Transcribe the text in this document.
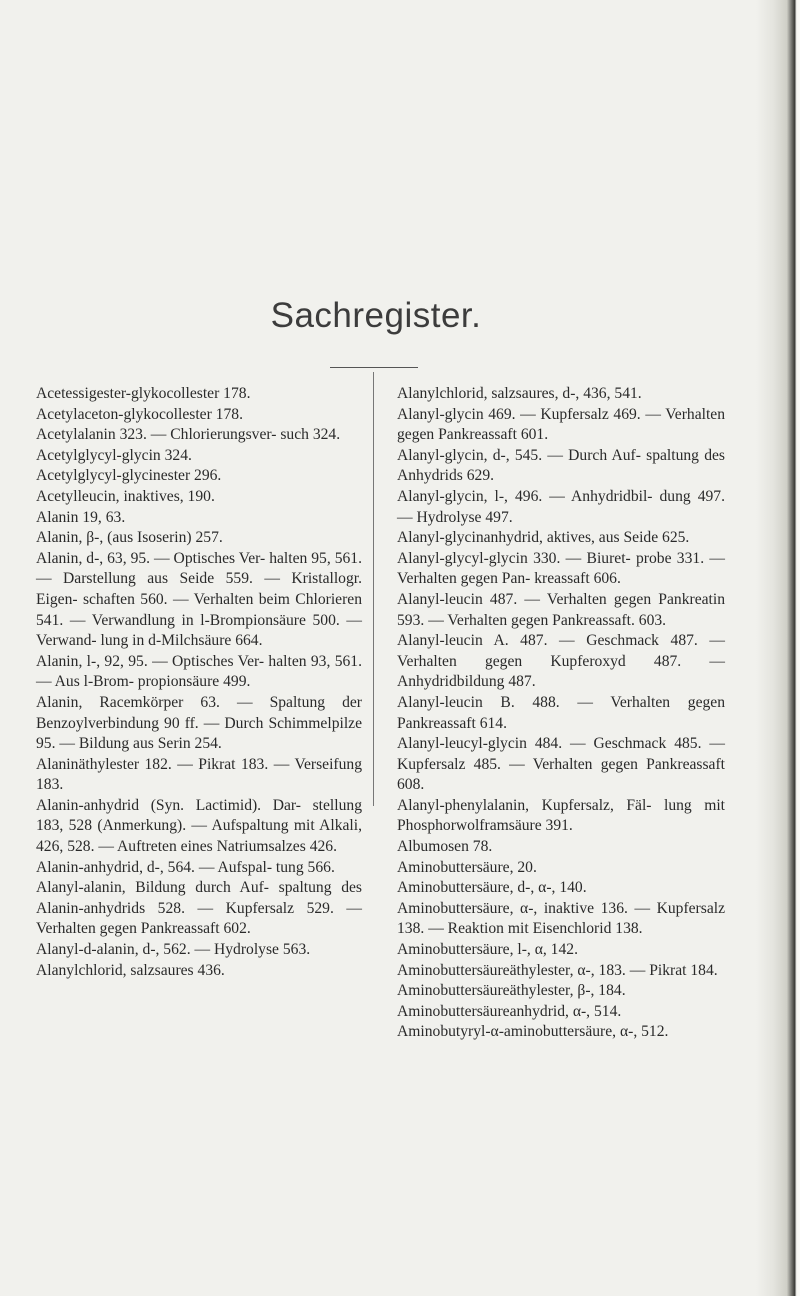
Sachregister.

Acetessigester-glykocollester 178.

Acetylaceton-glykocollester 178.

Acetylalanin 323. — Chlorierungsver- such 324.

Acetylglycyl-glycin 324.

Acetylglycyl-glycinester 296.

Acetylleucin, inaktives, 190.

Alanin 19, 63.

Alanin, β-, (aus Isoserin) 257.

Alanin, d-, 63, 95. — Optisches Ver- halten 95, 561. — Darstellung aus Seide 559. — Kristallogr. Eigen- schaften 560. — Verhalten beim Chlorieren 541. — Verwandlung in l-Brompionsäure 500. — Verwand- lung in d-Milchsäure 664.

Alanin, l-, 92, 95. — Optisches Ver- halten 93, 561. — Aus l-Brom- propionsäure 499.

Alanin, Racemkörper 63. — Spaltung der Benzoylverbindung 90 ff. — Durch Schimmelpilze 95. — Bildung aus Serin 254.

Alaninäthylester 182. — Pikrat 183. — Verseifung 183.

Alanin-anhydrid (Syn. Lactimid). Dar- stellung 183, 528 (Anmerkung). — Aufspaltung mit Alkali, 426, 528. — Auftreten eines Natriumsalzes 426.

Alanin-anhydrid, d-, 564. — Aufspal- tung 566.

Alanyl-alanin, Bildung durch Auf- spaltung des Alanin-anhydrids 528. — Kupfersalz 529. — Verhalten gegen Pankreassaft 602.

Alanyl-d-alanin, d-, 562. — Hydrolyse 563.

Alanylchlorid, salzsaures 436.

Alanylchlorid, salzsaures, d-, 436, 541.

Alanyl-glycin 469. — Kupfersalz 469. — Verhalten gegen Pankreassaft 601.

Alanyl-glycin, d-, 545. — Durch Auf- spaltung des Anhydrids 629.

Alanyl-glycin, l-, 496. — Anhydridbil- dung 497. — Hydrolyse 497.

Alanyl-glycinanhydrid, aktives, aus Seide 625.

Alanyl-glycyl-glycin 330. — Biuret- probe 331. — Verhalten gegen Pan- kreassaft 606.

Alanyl-leucin 487. — Verhalten gegen Pankreatin 593. — Verhalten gegen Pankreassaft. 603.

Alanyl-leucin A. 487. — Geschmack 487. — Verhalten gegen Kupferoxyd 487. — Anhydridbildung 487.

Alanyl-leucin B. 488. — Verhalten gegen Pankreassaft 614.

Alanyl-leucyl-glycin 484. — Geschmack 485. — Kupfersalz 485. — Verhalten gegen Pankreassaft 608.

Alanyl-phenylalanin, Kupfersalz, Fäl- lung mit Phosphorwolframsäure 391.

Albumosen 78.

Aminobuttersäure, 20.

Aminobuttersäure, d-, α-, 140.

Aminobuttersäure, α-, inaktive 136. — Kupfersalz 138. — Reaktion mit Eisenchlorid 138.

Aminobuttersäure, l-, α, 142.

Aminobuttersäureäthylester, α-, 183. — Pikrat 184.

Aminobuttersäureäthylester, β-, 184.

Aminobuttersäureanhydrid, α-, 514.

Aminobutyryl-α-aminobuttersäure, α-, 512.
